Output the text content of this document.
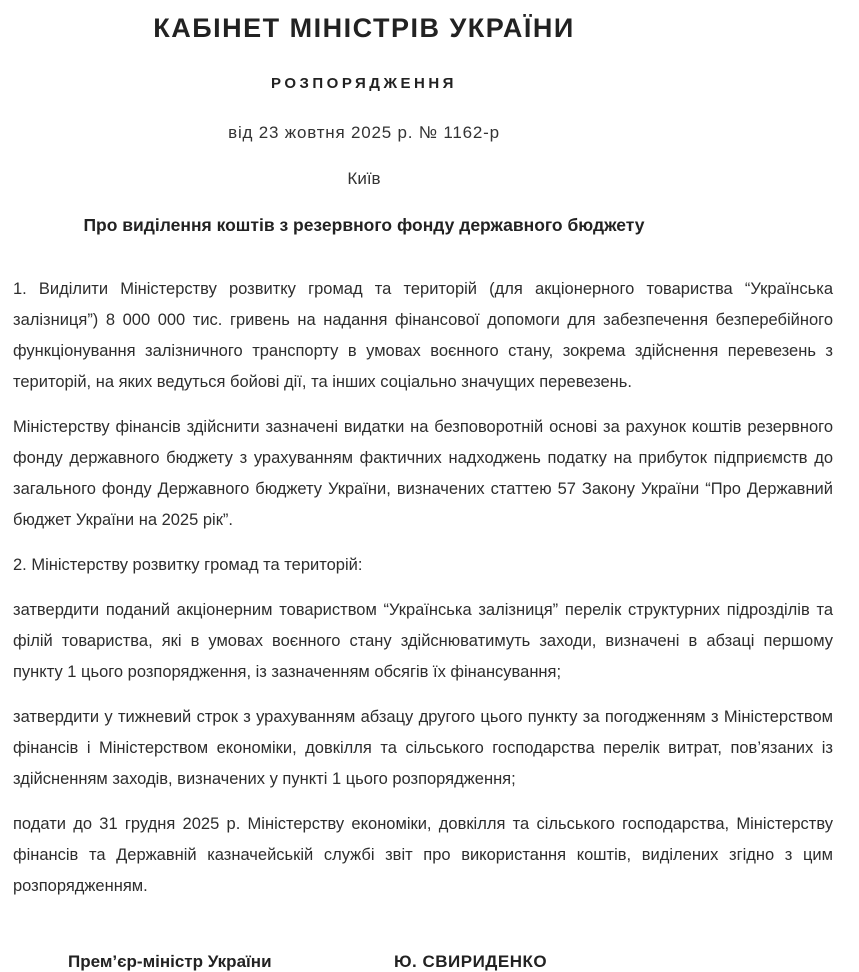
КАБІНЕТ МІНІСТРІВ УКРАЇНИ
РОЗПОРЯДЖЕННЯ
від 23 жовтня 2025 р. № 1162-р
Київ
Про виділення коштів з резервного фонду державного бюджету

1. Виділити Міністерству розвитку громад та територій (для акціонерного товариства “Українська залізниця”) 8 000 000 тис. гривень на надання фінансової допомоги для забезпечення безперебійного функціонування залізничного транспорту в умовах воєнного стану, зокрема здійснення перевезень з територій, на яких ведуться бойові дії, та інших соціально значущих перевезень.

Міністерству фінансів здійснити зазначені видатки на безповоротній основі за рахунок коштів резервного фонду державного бюджету з урахуванням фактичних надходжень податку на прибуток підприємств до загального фонду Державного бюджету України, визначених статтею 57 Закону України “Про Державний бюджет України на 2025 рік”.

2. Міністерству розвитку громад та територій:

затвердити поданий акціонерним товариством “Українська залізниця” перелік структурних підрозділів та філій товариства, які в умовах воєнного стану здійснюватимуть заходи, визначені в абзаці першому пункту 1 цього розпорядження, із зазначенням обсягів їх фінансування;

затвердити у тижневий строк з урахуванням абзацу другого цього пункту за погодженням з Міністерством фінансів і Міністерством економіки, довкілля та сільського господарства перелік витрат, пов’язаних із здійсненням заходів, визначених у пункті 1 цього розпорядження;

подати до 31 грудня 2025 р. Міністерству економіки, довкілля та сільського господарства, Міністерству фінансів та Державній казначейській службі звіт про використання коштів, виділених згідно з цим розпорядженням.

Прем’єр-міністр України	Ю. СВИРИДЕНКО
